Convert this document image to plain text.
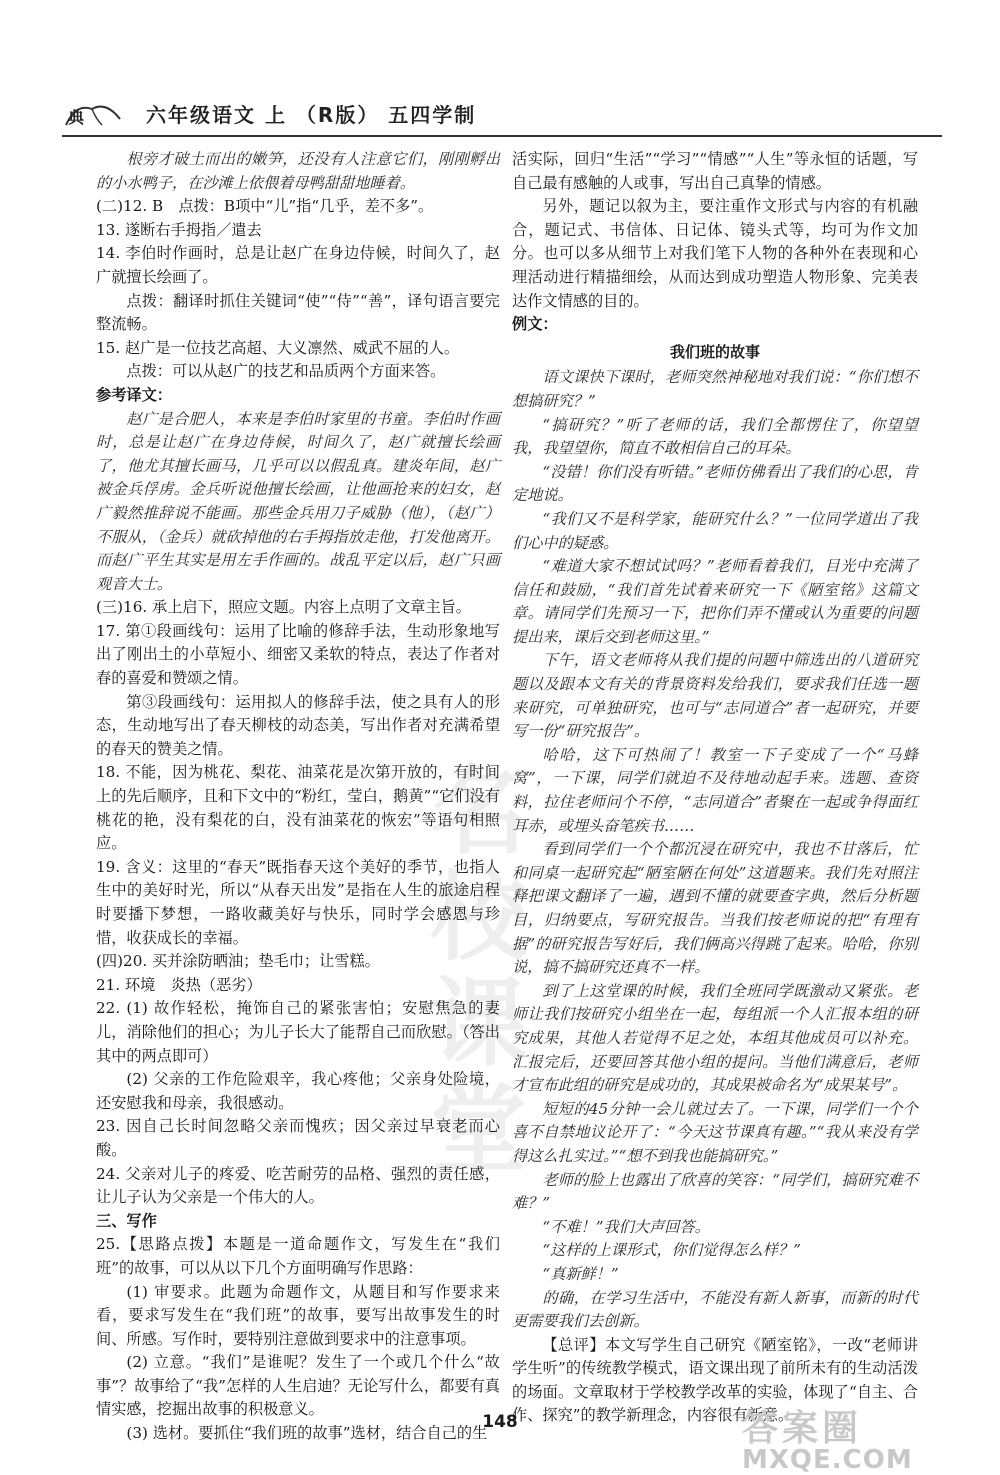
典	六年级语文 上 （R版） 五四学制
名校课堂

根旁才破土而出的嫩笋，还没有人注意它们，刚刚孵出的小水鸭子，在沙滩上依偎着母鸭甜甜地睡着。

(二)12. B　点拨：B项中“儿”指“几乎，差不多”。

13. 遂断右手拇指／遣去

14. 李伯时作画时，总是让赵广在身边侍候，时间久了，赵广就擅长绘画了。

点拨：翻译时抓住关键词“使”“侍”“善”，译句语言要完整流畅。

15. 赵广是一位技艺高超、大义凛然、威武不屈的人。

点拨：可以从赵广的技艺和品质两个方面来答。

参考译文：

赵广是合肥人，本来是李伯时家里的书童。李伯时作画时，总是让赵广在身边侍候，时间久了，赵广就擅长绘画了，他尤其擅长画马，几乎可以以假乱真。建炎年间，赵广被金兵俘虏。金兵听说他擅长绘画，让他画抢来的妇女，赵广毅然推辞说不能画。那些金兵用刀子威胁（他），（赵广）不服从，（金兵）就砍掉他的右手拇指放走他，打发他离开。而赵广平生其实是用左手作画的。战乱平定以后，赵广只画观音大士。

(三)16. 承上启下，照应文题。内容上点明了文章主旨。

17. 第①段画线句：运用了比喻的修辞手法，生动形象地写出了刚出土的小草短小、细密又柔软的特点，表达了作者对春的喜爱和赞颂之情。

第③段画线句：运用拟人的修辞手法，使之具有人的形态，生动地写出了春天柳枝的动态美，写出作者对充满希望的春天的赞美之情。

18. 不能，因为桃花、梨花、油菜花是次第开放的，有时间上的先后顺序，且和下文中的“粉红，莹白，鹅黄”“它们没有桃花的艳，没有梨花的白，没有油菜花的恢宏”等语句相照应。

19. 含义：这里的“春天”既指春天这个美好的季节，也指人生中的美好时光，所以“从春天出发”是指在人生的旅途启程时要播下梦想，一路收藏美好与快乐，同时学会感恩与珍惜，收获成长的幸福。

(四)20. 买并涂防晒油；垫毛巾；让雪糕。

21. 环境　炎热（恶劣）

22. (1) 故作轻松，掩饰自己的紧张害怕；安慰焦急的妻儿，消除他们的担心；为儿子长大了能帮自己而欣慰。（答出其中的两点即可）

(2) 父亲的工作危险艰辛，我心疼他；父亲身处险境，还安慰我和母亲，我很感动。

23. 因自己长时间忽略父亲而愧疚；因父亲过早衰老而心酸。

24. 父亲对儿子的疼爱、吃苦耐劳的品格、强烈的责任感，让儿子认为父亲是一个伟大的人。

三、写作

25.【思路点拨】本题是一道命题作文，写发生在“我们班”的故事，可以从以下几个方面明确写作思路：

(1) 审要求。此题为命题作文，从题目和写作要求来看，要求写发生在“我们班”的故事，要写出故事发生的时间、所感。写作时，要特别注意做到要求中的注意事项。

(2) 立意。“我们”是谁呢？发生了一个或几个什么“故事”？故事给了“我”怎样的人生启迪？无论写什么，都要有真情实感，挖掘出故事的积极意义。

(3) 选材。要抓住“我们班的故事”选材，结合自己的生

活实际，回归“生活”“学习”“情感”“人生”等永恒的话题，写自己最有感触的人或事，写出自己真挚的情感。

另外，题记以叙为主，要注重作文形式与内容的有机融合，题记式、书信体、日记体、镜头式等，均可为作文加分。也可以多从细节上对我们笔下人物的各种外在表现和心理活动进行精描细绘，从而达到成功塑造人物形象、完美表达作文情感的目的。

例文：

我们班的故事

语文课快下课时，老师突然神秘地对我们说：“你们想不想搞研究？”

“搞研究？”听了老师的话，我们全都愣住了，你望望我，我望望你，简直不敢相信自己的耳朵。

“没错！你们没有听错。”老师仿佛看出了我们的心思，肯定地说。

“我们又不是科学家，能研究什么？”一位同学道出了我们心中的疑惑。

“难道大家不想试试吗？”老师看着我们，目光中充满了信任和鼓励，“我们首先试着来研究一下《陋室铭》这篇文章。请同学们先预习一下，把你们弄不懂或认为重要的问题提出来，课后交到老师这里。”

下午，语文老师将从我们提的问题中筛选出的八道研究题以及跟本文有关的背景资料发给我们，要求我们任选一题来研究，可单独研究，也可与“志同道合”者一起研究，并要写一份“研究报告”。

哈哈，这下可热闹了！教室一下子变成了一个“马蜂窝”，一下课，同学们就迫不及待地动起手来。选题、查资料，拉住老师问个不停，“志同道合”者聚在一起或争得面红耳赤，或埋头奋笔疾书……

看到同学们一个个都沉浸在研究中，我也不甘落后，忙和同桌一起研究起“陋室陋在何处”这道题来。我们先对照注释把课文翻译了一遍，遇到不懂的就要查字典，然后分析题目，归纳要点，写研究报告。当我们按老师说的把“有理有据”的研究报告写好后，我们俩高兴得跳了起来。哈哈，你别说，搞不搞研究还真不一样。

到了上这堂课的时候，我们全班同学既激动又紧张。老师让我们按研究小组坐在一起，每组派一个人汇报本组的研究成果，其他人若觉得不足之处，本组其他成员可以补充。汇报完后，还要回答其他小组的提问。当他们满意后，老师才宣布此组的研究是成功的，其成果被命名为“成果某号”。

短短的45分钟一会儿就过去了。一下课，同学们一个个喜不自禁地议论开了：“今天这节课真有趣。”“我从来没有学得这么扎实过。”“想不到我也能搞研究。”

老师的脸上也露出了欣喜的笑容：“同学们，搞研究难不难？”

“不难！”我们大声回答。

“这样的上课形式，你们觉得怎么样？”

“真新鲜！”

的确，在学习生活中，不能没有新人新事，而新的时代更需要我们去创新。

【总评】本文写学生自己研究《陋室铭》，一改“老师讲学生听”的传统教学模式，语文课出现了前所未有的生动活泼的场面。文章取材于学校教学改革的实验，体现了“自主、合作、探究”的教学新理念，内容很有新意。

148	答案圈
MXQE.COM
